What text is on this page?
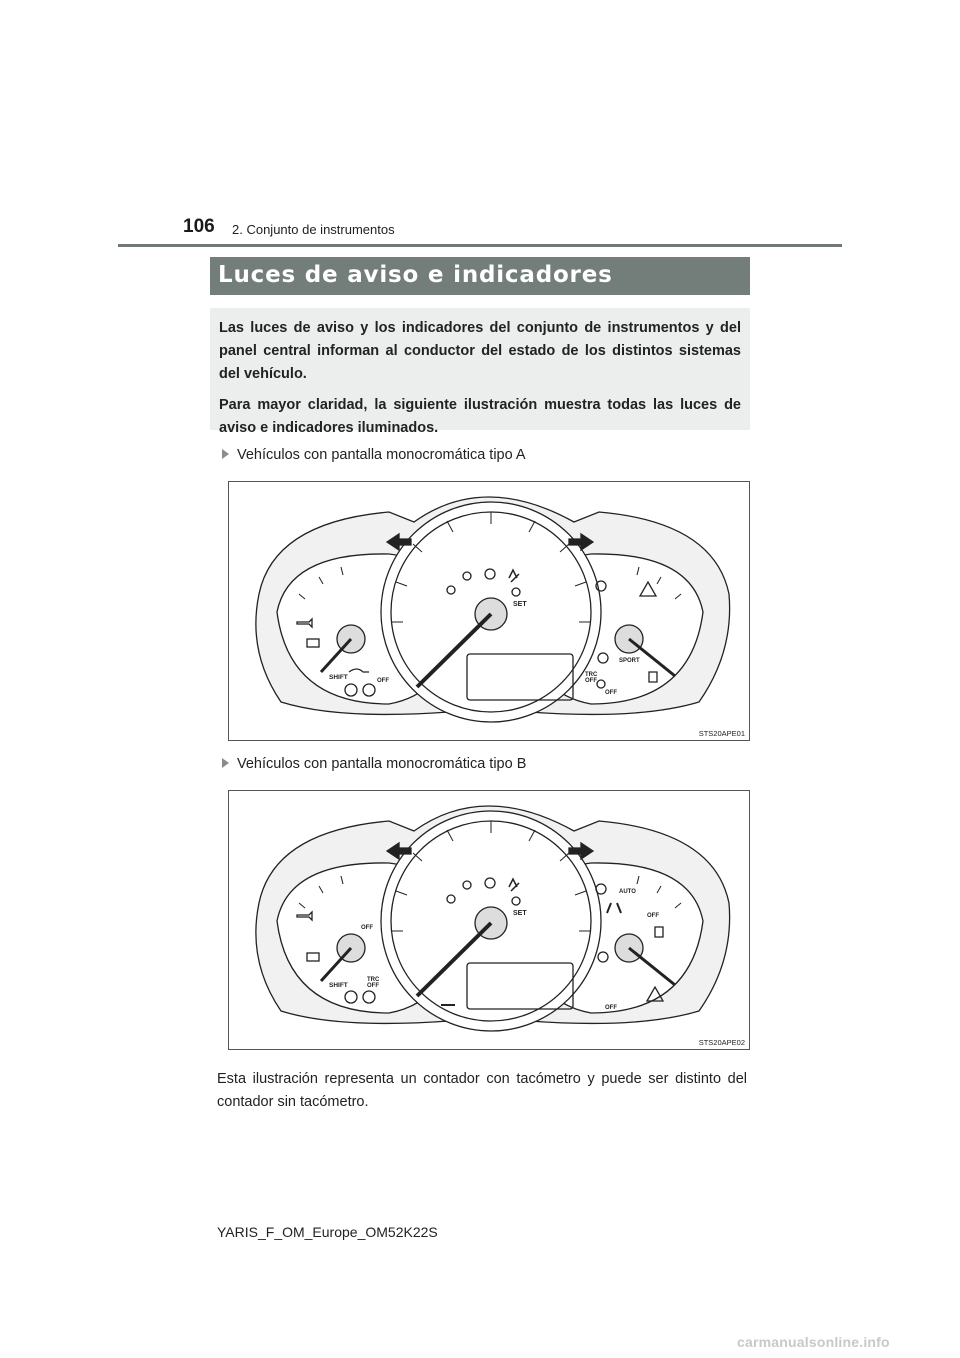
106 2. Conjunto de instrumentos
Luces de aviso e indicadores

Las luces de aviso y los indicadores del conjunto de instrumentos y del panel central informan al conductor del estado de los distintos sistemas del vehículo.

Para mayor claridad, la siguiente ilustración muestra todas las luces de aviso e indicadores iluminados.

Vehículos con pantalla monocromática tipo A
SET
SHIFT	OFF
TRC
OFF
SPORT
OFF
STS20APE01
Vehículos con pantalla monocromática tipo B
SET
SHIFT
OFF
TRC
OFF
AUTO
OFF
OFF
STS20APE02

Esta ilustración representa un contador con tacómetro y puede ser distinto del contador sin tacómetro.

YARIS_F_OM_Europe_OM52K22S
carmanualsonline.info
